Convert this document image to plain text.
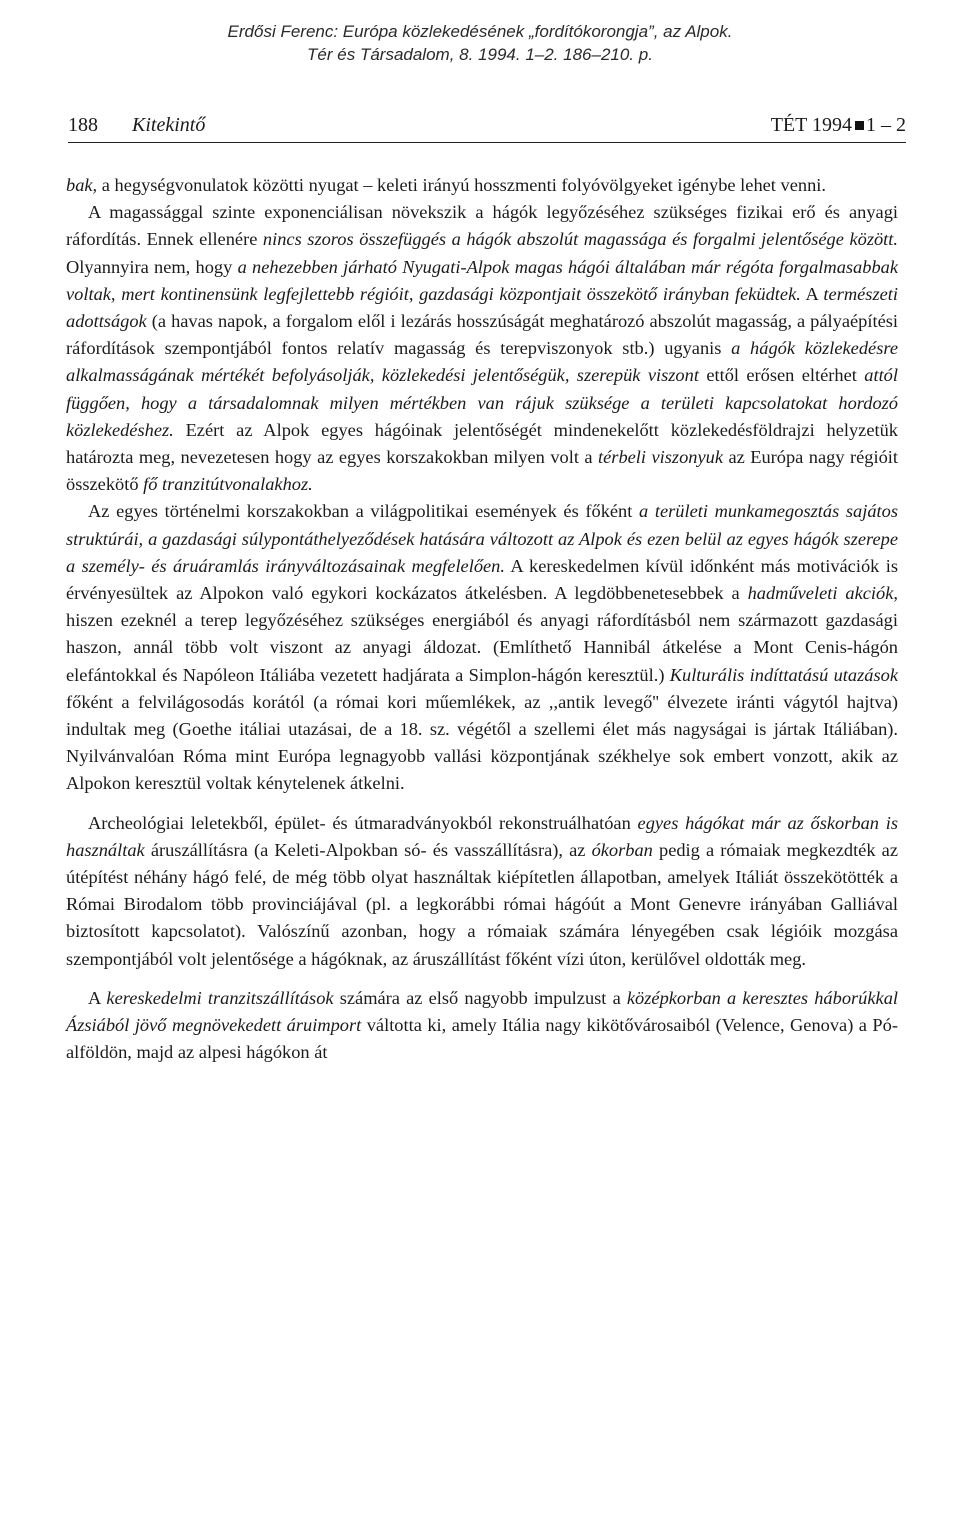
Erdősi Ferenc: Európa közlekedésének „fordítókorongja”, az Alpok.
Tér és Társadalom, 8. 1994. 1–2. 186–210. p.
188 Kitekintő	TÉT 1994 1 – 2

bak, a hegységvonulatok közötti nyugat – keleti irányú hosszmenti folyóvölgyeket igénybe lehet venni.

A magassággal szinte exponenciálisan növekszik a hágók legyőzéséhez szükséges fizikai erő és anyagi ráfordítás. Ennek ellenére nincs szoros összefüggés a hágók abszolút magassága és forgalmi jelentősége között. Olyannyira nem, hogy a nehezebben járható Nyugati-Alpok magas hágói általában már régóta forgalmasabbak voltak, mert kontinensünk legfejlettebb régióit, gazdasági központjait összekötő irányban feküdtek. A természeti adottságok (a havas napok, a forgalom elől i lezárás hosszúságát meghatározó abszolút magasság, a pályaépítési ráfordítások szempontjából fontos relatív magasság és terepviszonyok stb.) ugyanis a hágók közlekedésre alkalmasságának mértékét befolyásolják, közlekedési jelentőségük, szerepük viszont ettől erősen eltérhet attól függően, hogy a társadalomnak milyen mértékben van rájuk szüksége a területi kapcsolatokat hordozó közlekedéshez. Ezért az Alpok egyes hágóinak jelentőségét mindenekelőtt közlekedésföldrajzi helyzetük határozta meg, nevezetesen hogy az egyes korszakokban milyen volt a térbeli viszonyuk az Európa nagy régióit összekötő fő tranzitútvonalakhoz.

Az egyes történelmi korszakokban a világpolitikai események és főként a területi munkamegosztás sajátos struktúrái, a gazdasági súlypontáthelyeződések hatására változott az Alpok és ezen belül az egyes hágók szerepe a személy- és áruáramlás irányváltozásainak megfelelően. A kereskedelmen kívül időnként más motivációk is érvényesültek az Alpokon való egykori kockázatos átkelésben. A legdöbbenetesebbek a hadműveleti akciók, hiszen ezeknél a terep legyőzéséhez szükséges energiából és anyagi ráfordításból nem származott gazdasági haszon, annál több volt viszont az anyagi áldozat. (Említhető Hannibál átkelése a Mont Cenis-hágón elefántokkal és Napóleon Itáliába vezetett hadjárata a Simplon-hágón keresztül.) Kulturális indíttatású utazások főként a felvilágosodás korától (a római kori műemlékek, az ,,antik levegő'' élvezete iránti vágytól hajtva) indultak meg (Goethe itáliai utazásai, de a 18. sz. végétől a szellemi élet más nagyságai is jártak Itáliában). Nyilvánvalóan Róma mint Európa legnagyobb vallási központjának székhelye sok embert vonzott, akik az Alpokon keresztül voltak kénytelenek átkelni.

Archeológiai leletekből, épület- és útmaradványokból rekonstruálhatóan egyes hágókat már az őskorban is használtak áruszállításra (a Keleti-Alpokban só- és vasszállításra), az ókorban pedig a rómaiak megkezdték az útépítést néhány hágó felé, de még több olyat használtak kiépítetlen állapotban, amelyek Itáliát összekötötték a Római Birodalom több provinciájával (pl. a legkorábbi római hágóút a Mont Genevre irányában Galliával biztosított kapcsolatot). Valószínű azonban, hogy a rómaiak számára lényegében csak légióik mozgása szempontjából volt jelentősége a hágóknak, az áruszállítást főként vízi úton, kerülővel oldották meg.

A kereskedelmi tranzitszállítások számára az első nagyobb impulzust a középkorban a keresztes háborúkkal Ázsiából jövő megnövekedett áruimport váltotta ki, amely Itália nagy kikötővárosaiból (Velence, Genova) a Pó-alföldön, majd az alpesi hágókon át
